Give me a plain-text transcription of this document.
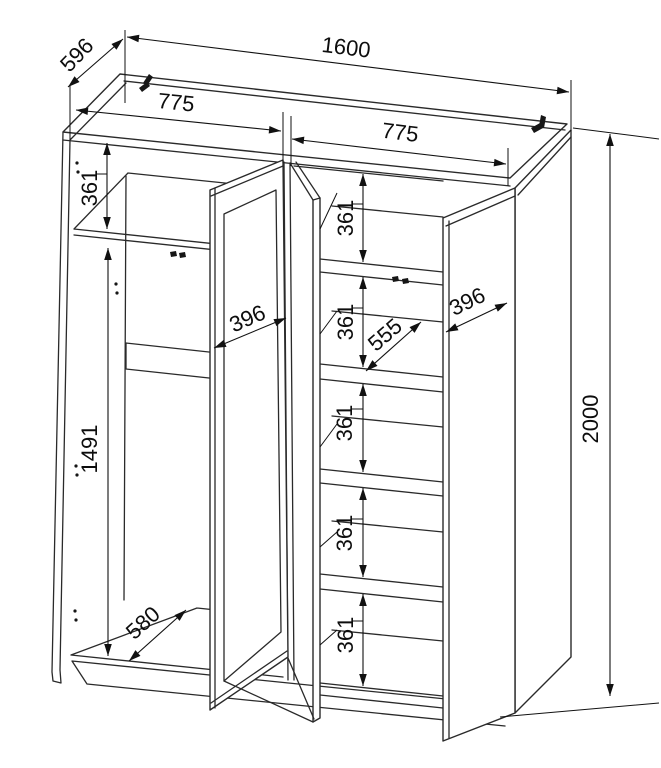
1600
596
775
775
361
1491
580
396	555
396
2000
361
361
361
361
361
